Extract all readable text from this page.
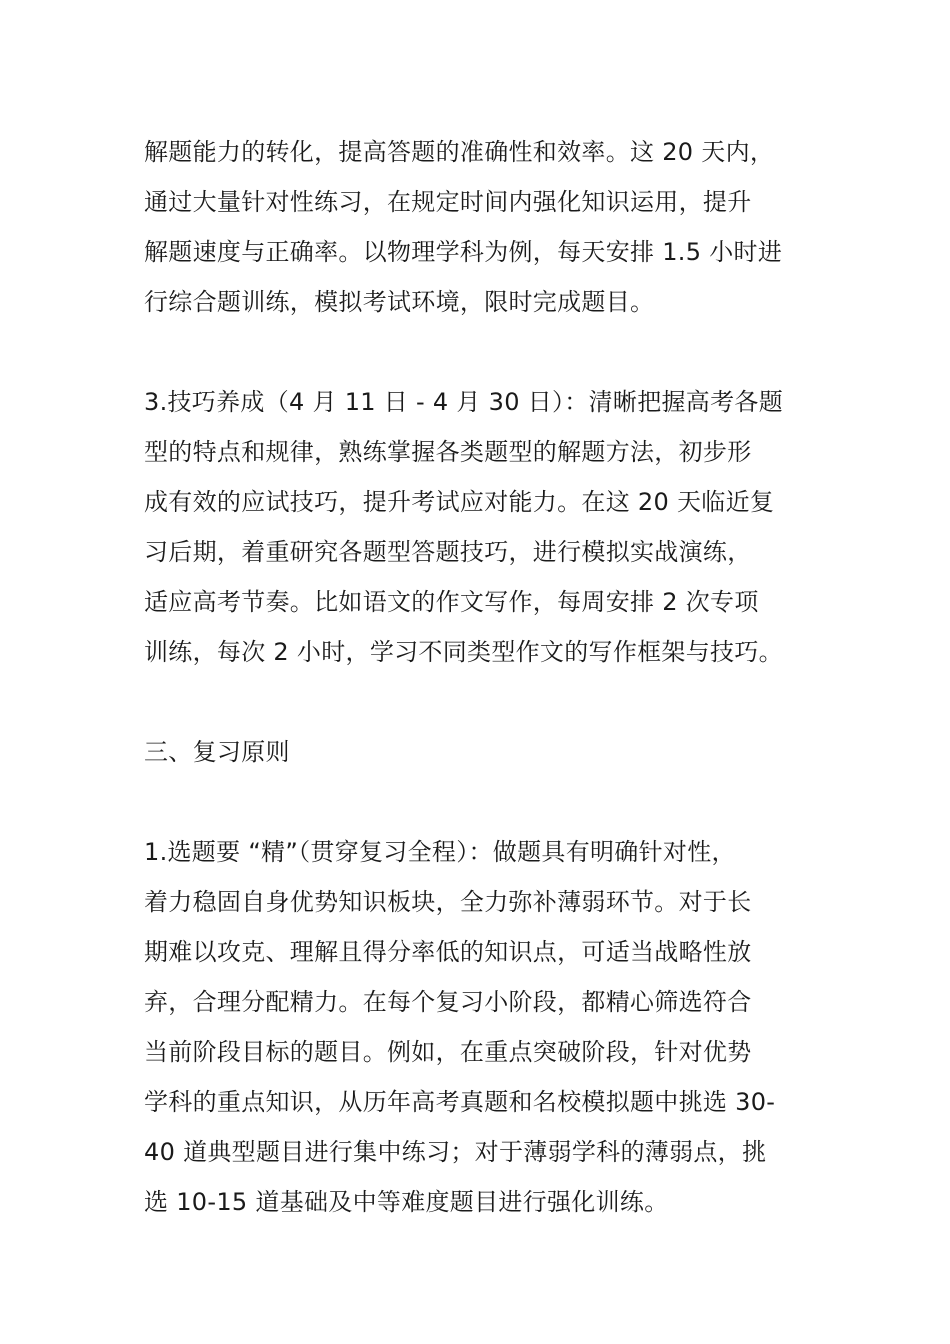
解题能力的转化，提高答题的准确性和效率。这 20 天内，
通过大量针对性练习，在规定时间内强化知识运用，提升
解题速度与正确率。以物理学科为例，每天安排 1.5 小时进
行综合题训练，模拟考试环境，限时完成题目。
3.技巧养成（4 月 11 日 - 4 月 30 日）：清晰把握高考各题
型的特点和规律，熟练掌握各类题型的解题方法，初步形
成有效的应试技巧，提升考试应对能力。在这 20 天临近复
习后期，着重研究各题型答题技巧，进行模拟实战演练，
适应高考节奏。比如语文的作文写作，每周安排 2 次专项
训练，每次 2 小时，学习不同类型作文的写作框架与技巧。
三、复习原则
1.选题要 “精”（贯穿复习全程）：做题具有明确针对性，
着力稳固自身优势知识板块，全力弥补薄弱环节。对于长
期难以攻克、理解且得分率低的知识点，可适当战略性放
弃，合理分配精力。在每个复习小阶段，都精心筛选符合
当前阶段目标的题目。例如，在重点突破阶段，针对优势
学科的重点知识，从历年高考真题和名校模拟题中挑选 30-
40 道典型题目进行集中练习；对于薄弱学科的薄弱点，挑
选 10-15 道基础及中等难度题目进行强化训练。
